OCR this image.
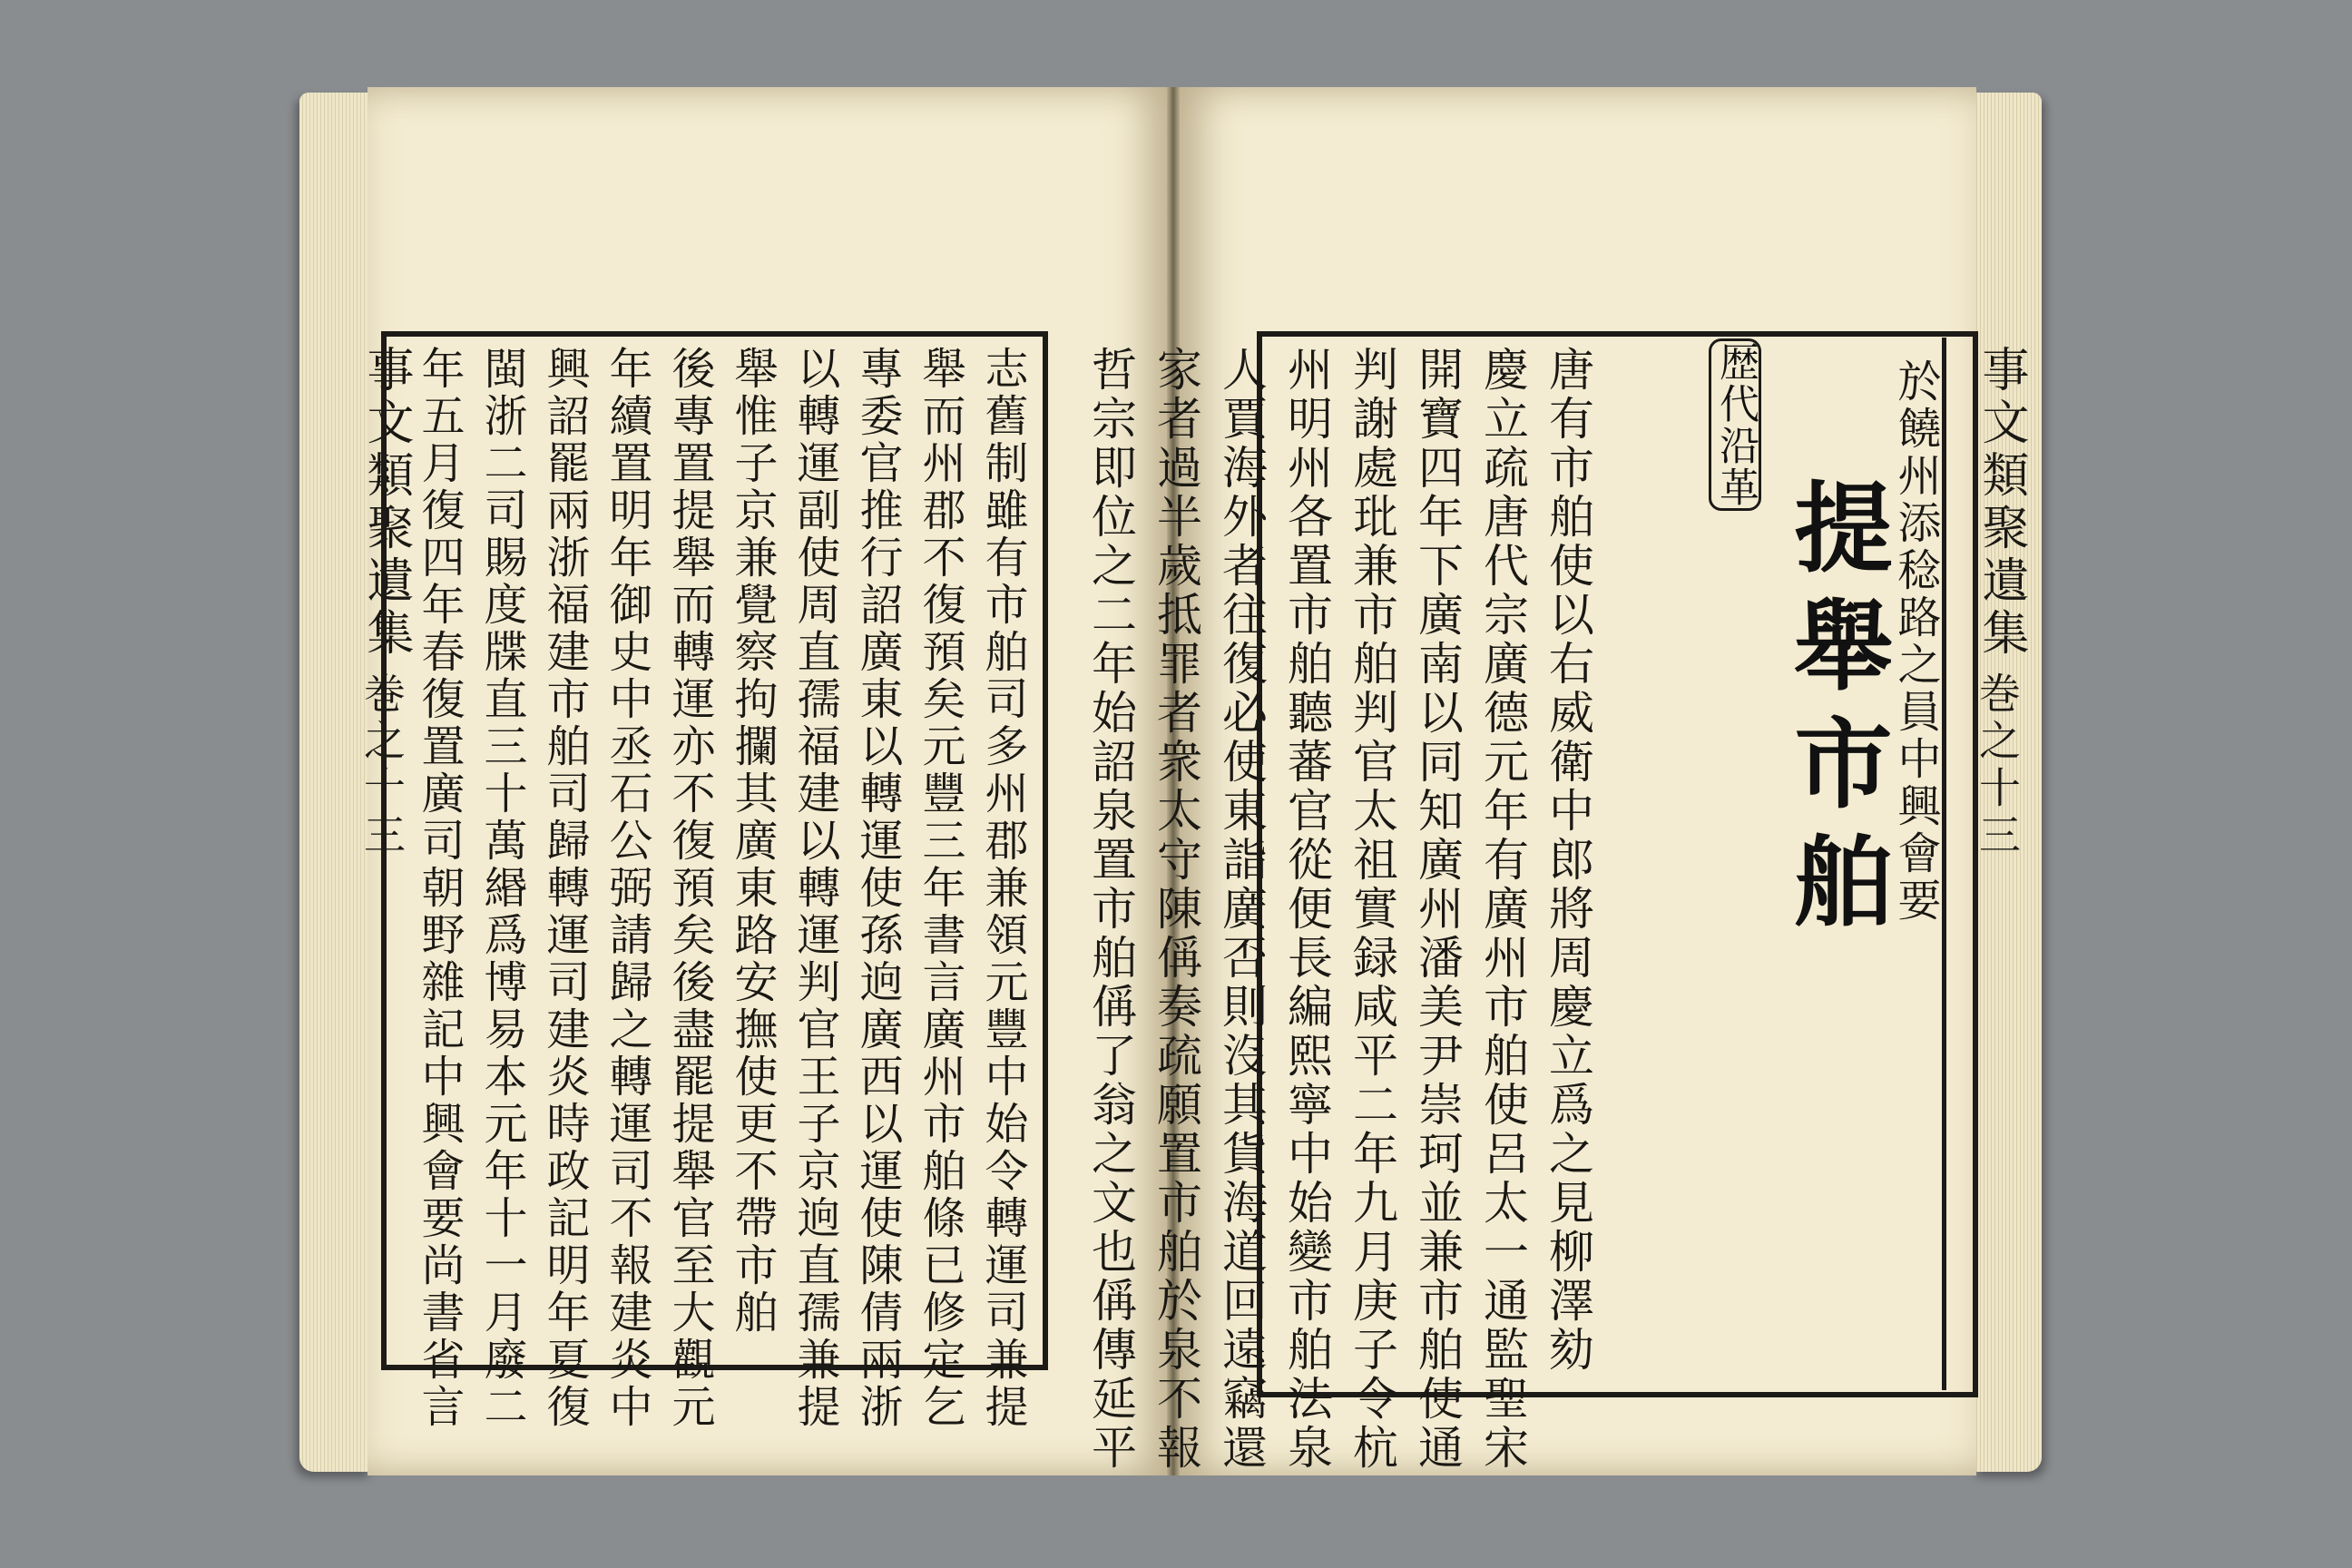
事文類聚遺集
巻之十三	志舊制雖有市舶司多州郡兼領元豐中始令轉運司兼提
舉而州郡不復預矣元豐三年書言廣州市舶條已修定乞
專委官推行詔廣東以轉運使孫逈廣西以運使陳倩兩浙
以轉運副使周直孺福建以轉運判官王子京逈直孺兼提
舉惟子京兼覺察拘攔其廣東路安撫使更不帶市舶
後專置提舉而轉運亦不復預矣後盡罷提舉官至大觀元
年續置明年御史中丞石公弼請歸之轉運司不報建炎中
興詔罷兩浙福建市舶司歸轉運司建炎時政記明年夏復
閩浙二司賜度牒直三十萬緡爲博易本元年十一月廢二
年五月復四年春復置廣司朝野雜記中興會要尚書省言	唐有市舶使以右威衛中郎將周慶立爲之見柳澤劾
慶立疏唐代宗廣德元年有廣州市舶使呂太一通監聖宋
開寶四年下廣南以同知廣州潘美尹崇珂並兼市舶使通
判謝處玭兼市舶判官太祖實録咸平二年九月庚子令杭
州明州各置市舶聽蕃官從便長編熙寧中始變市舶法泉
人賈海外者往復必使東詣廣否則沒其貨海道回遠竊還
家者過半歲抵罪者衆太守陳偁奏疏願置市舶於泉不報
哲宗即位之二年始詔泉置市舶偁了翁之文也偁傳延平	於饒州添稔路之員中興會要
歴代沿革
提舉市舶 事文類聚遺集
巻之十三
